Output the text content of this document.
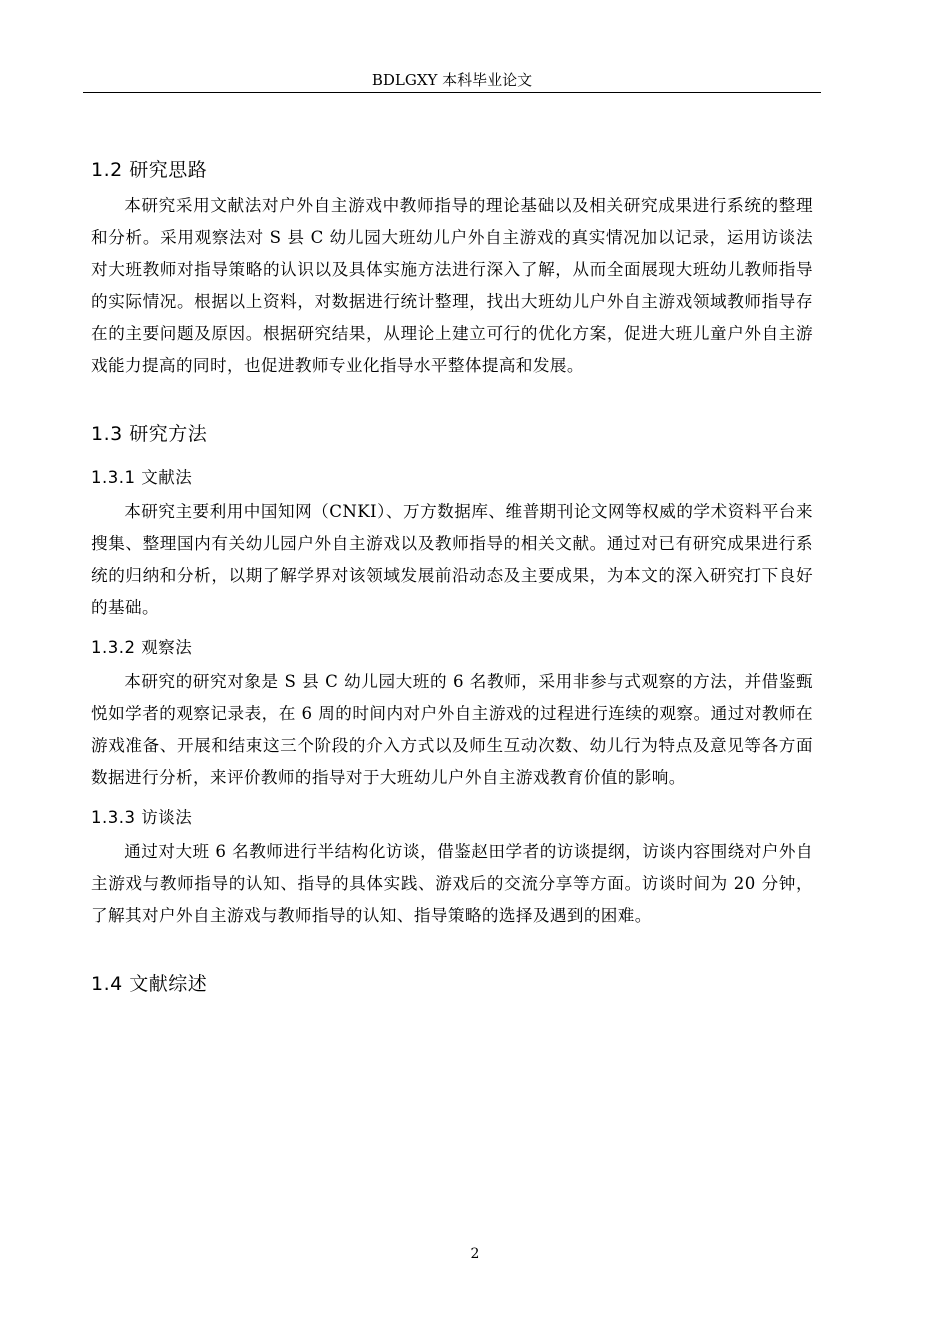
BDLGXY 本科毕业论文
1.2 研究思路

本研究采用文献法对户外自主游戏中教师指导的理论基础以及相关研究成果进行系统的整理和分析。采用观察法对 S 县 C 幼儿园大班幼儿户外自主游戏的真实情况加以记录，运用访谈法对大班教师对指导策略的认识以及具体实施方法进行深入了解，从而全面展现大班幼儿教师指导的实际情况。根据以上资料，对数据进行统计整理，找出大班幼儿户外自主游戏领域教师指导存在的主要问题及原因。根据研究结果，从理论上建立可行的优化方案，促进大班儿童户外自主游戏能力提高的同时，也促进教师专业化指导水平整体提高和发展。

1.3 研究方法
1.3.1 文献法

本研究主要利用中国知网（CNKI）、万方数据库、维普期刊论文网等权威的学术资料平台来搜集、整理国内有关幼儿园户外自主游戏以及教师指导的相关文献。通过对已有研究成果进行系统的归纳和分析，以期了解学界对该领域发展前沿动态及主要成果，为本文的深入研究打下良好的基础。

1.3.2 观察法

本研究的研究对象是 S 县 C 幼儿园大班的 6 名教师，采用非参与式观察的方法，并借鉴甄悦如学者的观察记录表，在 6 周的时间内对户外自主游戏的过程进行连续的观察。通过对教师在游戏准备、开展和结束这三个阶段的介入方式以及师生互动次数、幼儿行为特点及意见等各方面数据进行分析，来评价教师的指导对于大班幼儿户外自主游戏教育价值的影响。

1.3.3 访谈法

通过对大班 6 名教师进行半结构化访谈，借鉴赵田学者的访谈提纲，访谈内容围绕对户外自主游戏与教师指导的认知、指导的具体实践、游戏后的交流分享等方面。访谈时间为 20 分钟，了解其对户外自主游戏与教师指导的认知、指导策略的选择及遇到的困难。

1.4 文献综述
2
